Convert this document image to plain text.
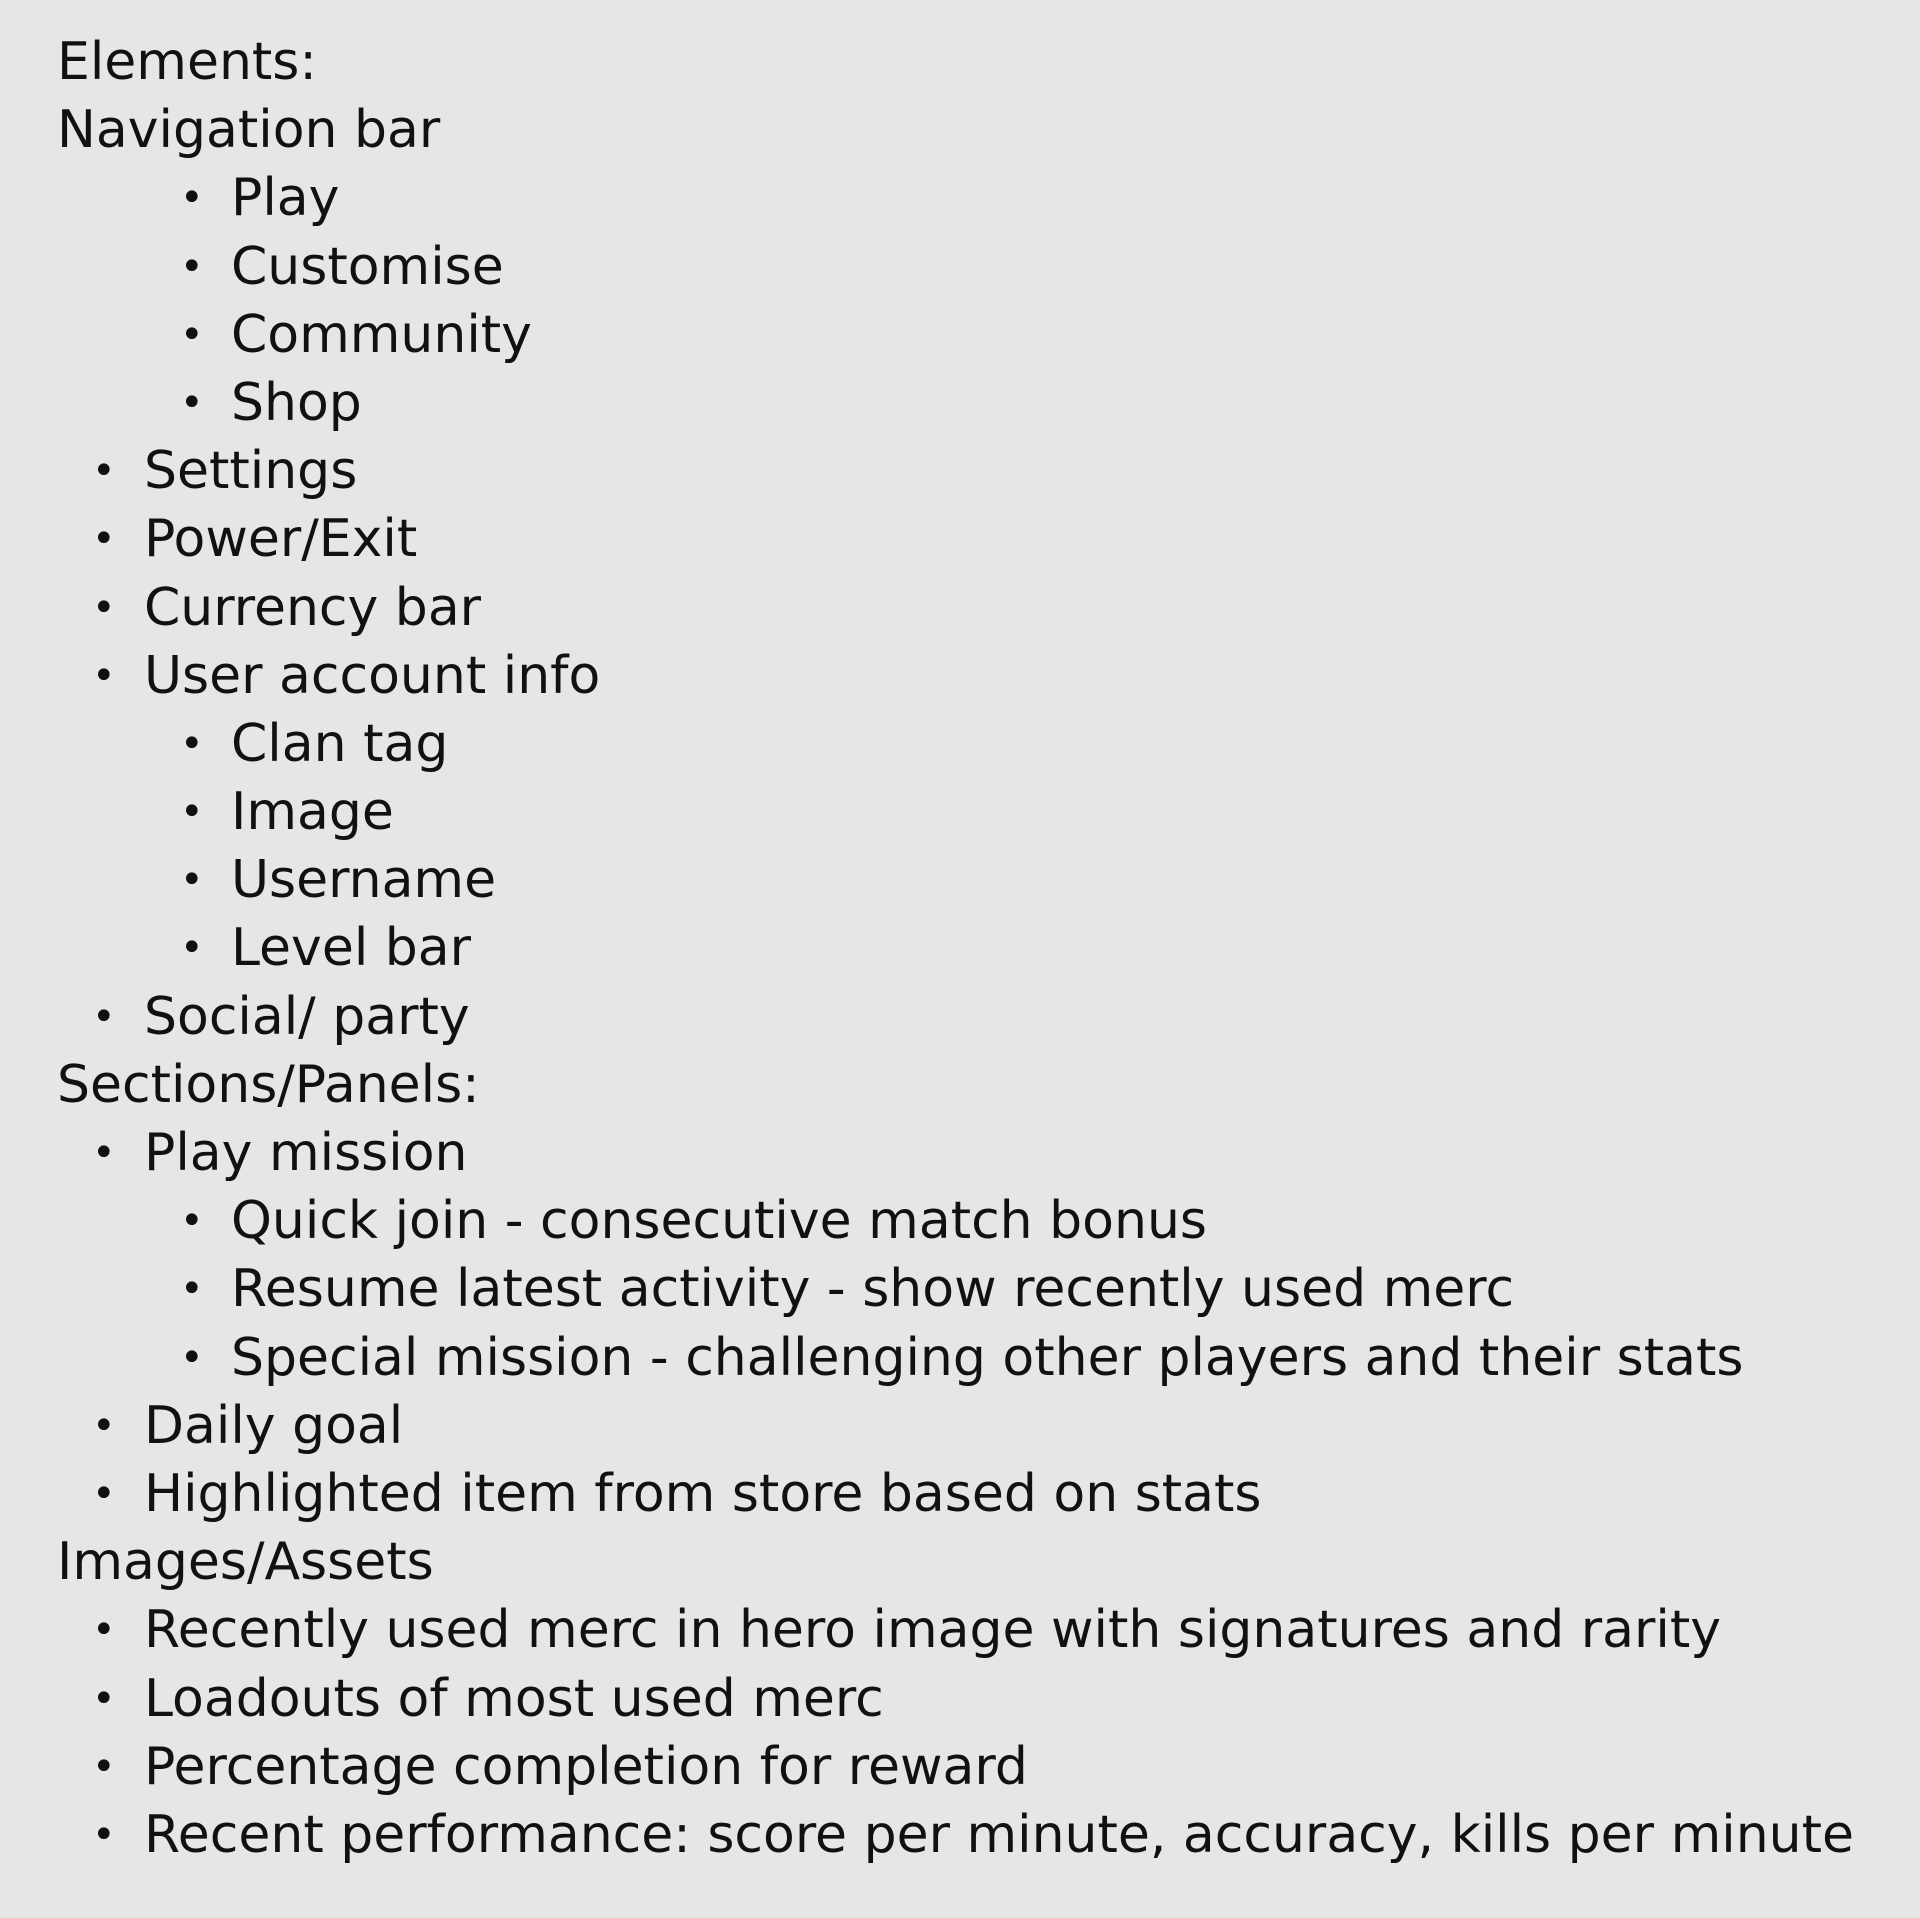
Elements:
Navigation bar
• Play
• Customise
• Community
• Shop
• Settings
• Power/Exit
• Currency bar
• User account info
• Clan tag
• Image
• Username
• Level bar
• Social/ party
Sections/Panels:
• Play mission
• Quick join - consecutive match bonus
• Resume latest activity - show recently used merc
• Special mission - challenging other players and their stats
• Daily goal
• Highlighted item from store based on stats
Images/Assets
• Recently used merc in hero image with signatures and rarity
• Loadouts of most used merc
• Percentage completion for reward
• Recent performance: score per minute, accuracy, kills per minute
